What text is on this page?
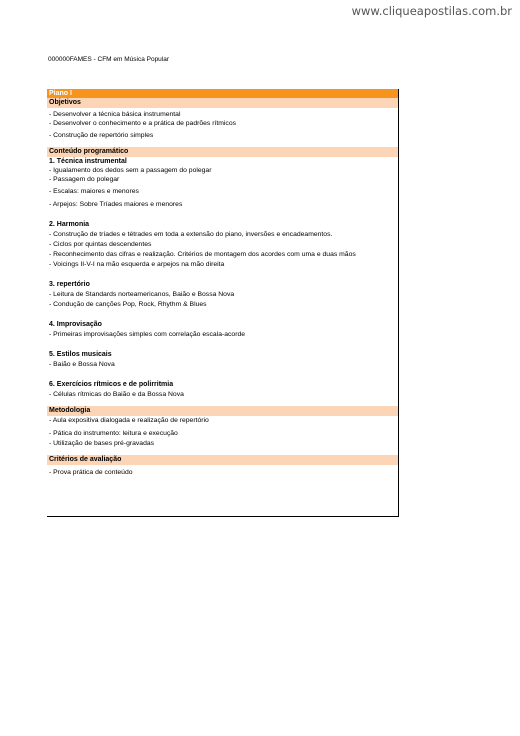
www.cliqueapostilas.com.br
000000FAMES - CFM em Música Popular
Piano I
Objetivos
- Desenvolver a técnica básica instrumental
- Desenvolver o conhecimento e a prática de padrões rítmicos
- Construção de repertório simples
Conteúdo programático
1. Técnica instrumental
- Igualamento dos dedos sem a passagem do polegar
- Passagem do polegar
- Escalas: maiores e menores
- Arpejos: Sobre Tríades maiores e menores
2. Harmonia
- Construção de tríades e tétrades em toda a extensão do piano, inversões e encadeamentos.
- Ciclos por quintas descendentes
- Reconhecimento das cifras e realização. Critérios de montagem dos acordes com uma e duas mãos
- Voicings II-V-I na mão esquerda e arpejos na mão direita
3. repertório
- Leitura de Standards norteamericanos, Baião e Bossa Nova
- Condução de canções Pop, Rock, Rhythm & Blues
4. Improvisação
- Primeiras improvisações simples com correlação escala-acorde
5. Estilos musicais
- Baião e Bossa Nova
6. Exercícios rítmicos e de polirritmia
- Células rítmicas do Baião e da Bossa Nova
Metodologia
- Aula expositiva dialogada e realização de repertório
- Pática do instrumento: leitura e execução
- Utilização de bases pré-gravadas
Critérios de avaliação
- Prova prática de conteúdo
